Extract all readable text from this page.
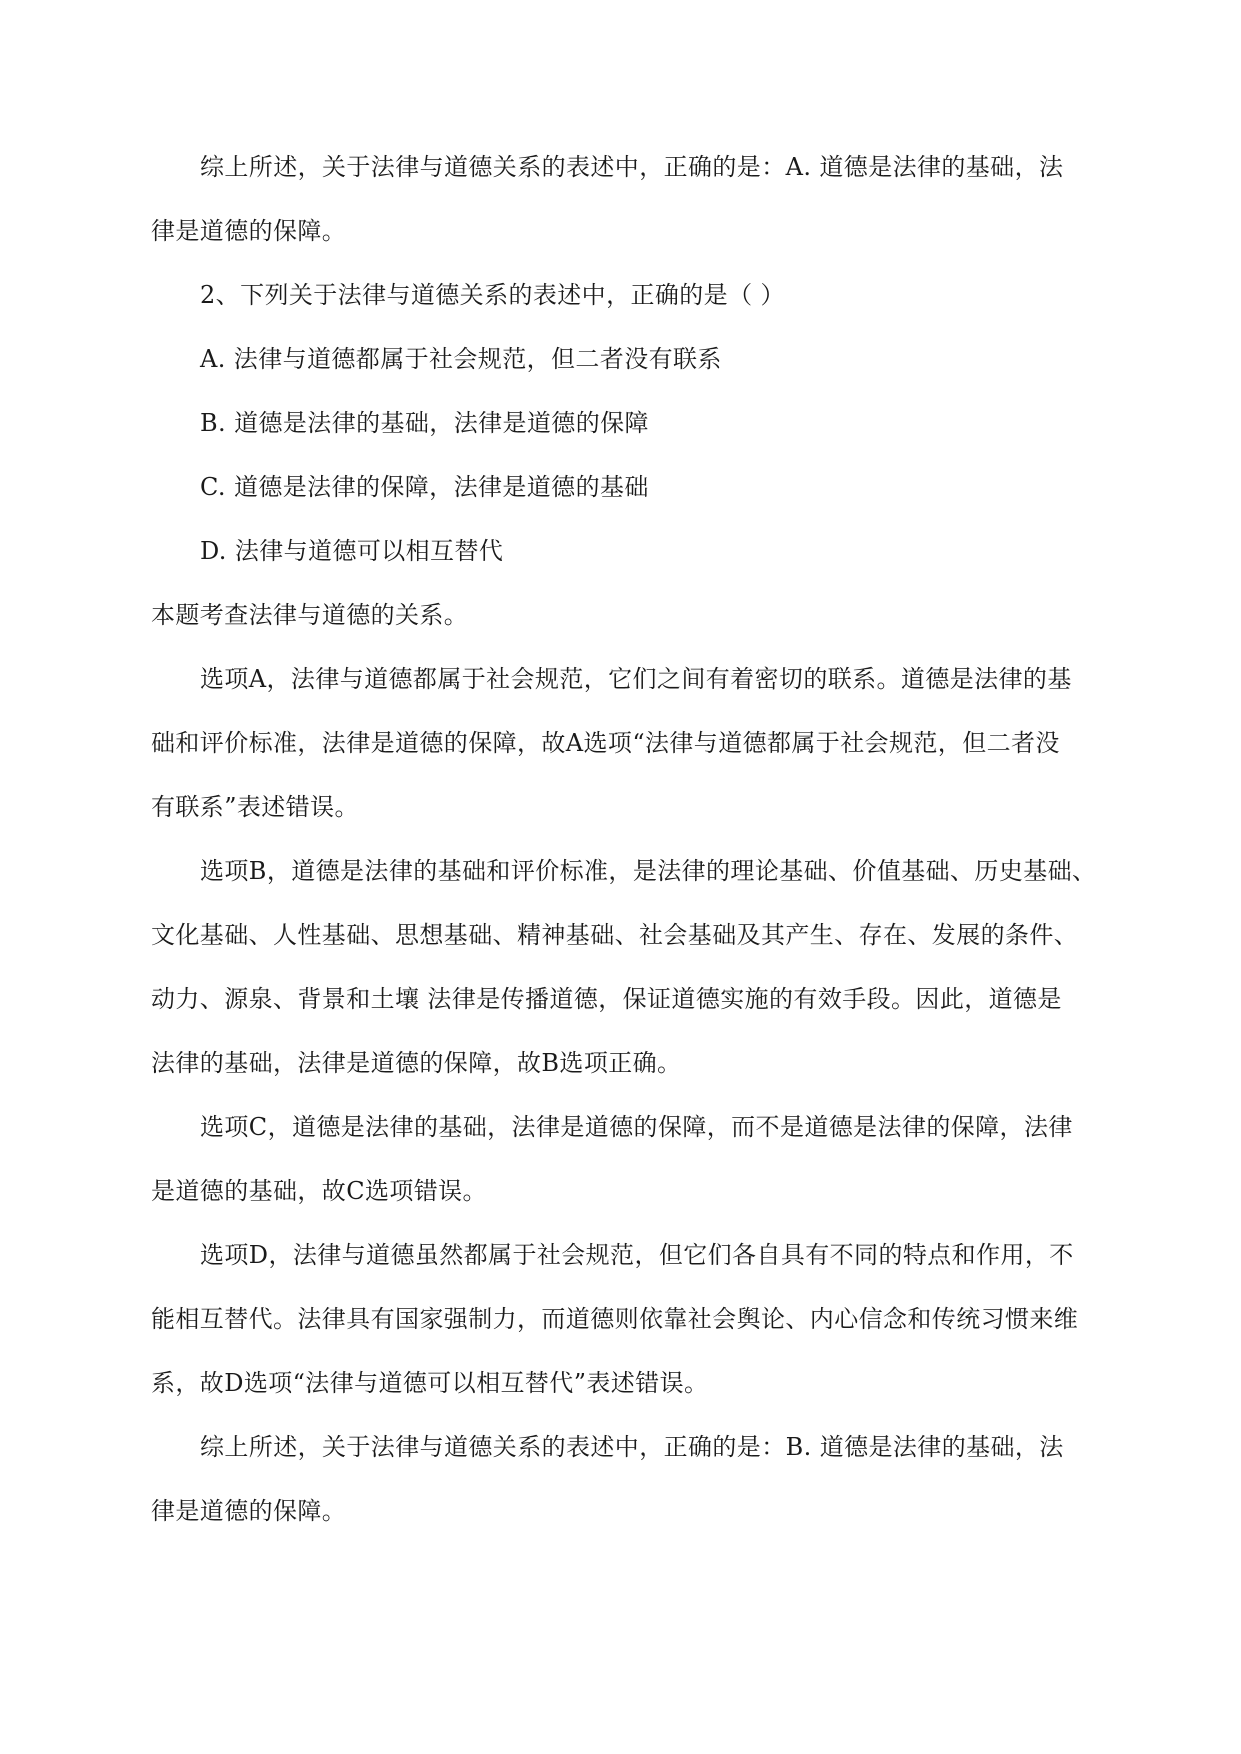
综上所述，关于法律与道德关系的表述中，正确的是：A. 道德是法律的基础，法
律是道德的保障。
2、下列关于法律与道德关系的表述中，正确的是（ ）
A. 法律与道德都属于社会规范，但二者没有联系
B. 道德是法律的基础，法律是道德的保障
C. 道德是法律的保障，法律是道德的基础
D. 法律与道德可以相互替代
本题考查法律与道德的关系。
选项A，法律与道德都属于社会规范，它们之间有着密切的联系。道德是法律的基
础和评价标准，法律是道德的保障，故A选项“法律与道德都属于社会规范，但二者没
有联系”表述错误。
选项B，道德是法律的基础和评价标准，是法律的理论基础、价值基础、历史基础、
文化基础、人性基础、思想基础、精神基础、社会基础及其产生、存在、发展的条件、
动力、源泉、背景和土壤 法律是传播道德，保证道德实施的有效手段。因此，道德是
法律的基础，法律是道德的保障，故B选项正确。
选项C，道德是法律的基础，法律是道德的保障，而不是道德是法律的保障，法律
是道德的基础，故C选项错误。
选项D，法律与道德虽然都属于社会规范，但它们各自具有不同的特点和作用，不
能相互替代。法律具有国家强制力，而道德则依靠社会舆论、内心信念和传统习惯来维
系，故D选项“法律与道德可以相互替代”表述错误。
综上所述，关于法律与道德关系的表述中，正确的是：B. 道德是法律的基础，法
律是道德的保障。
